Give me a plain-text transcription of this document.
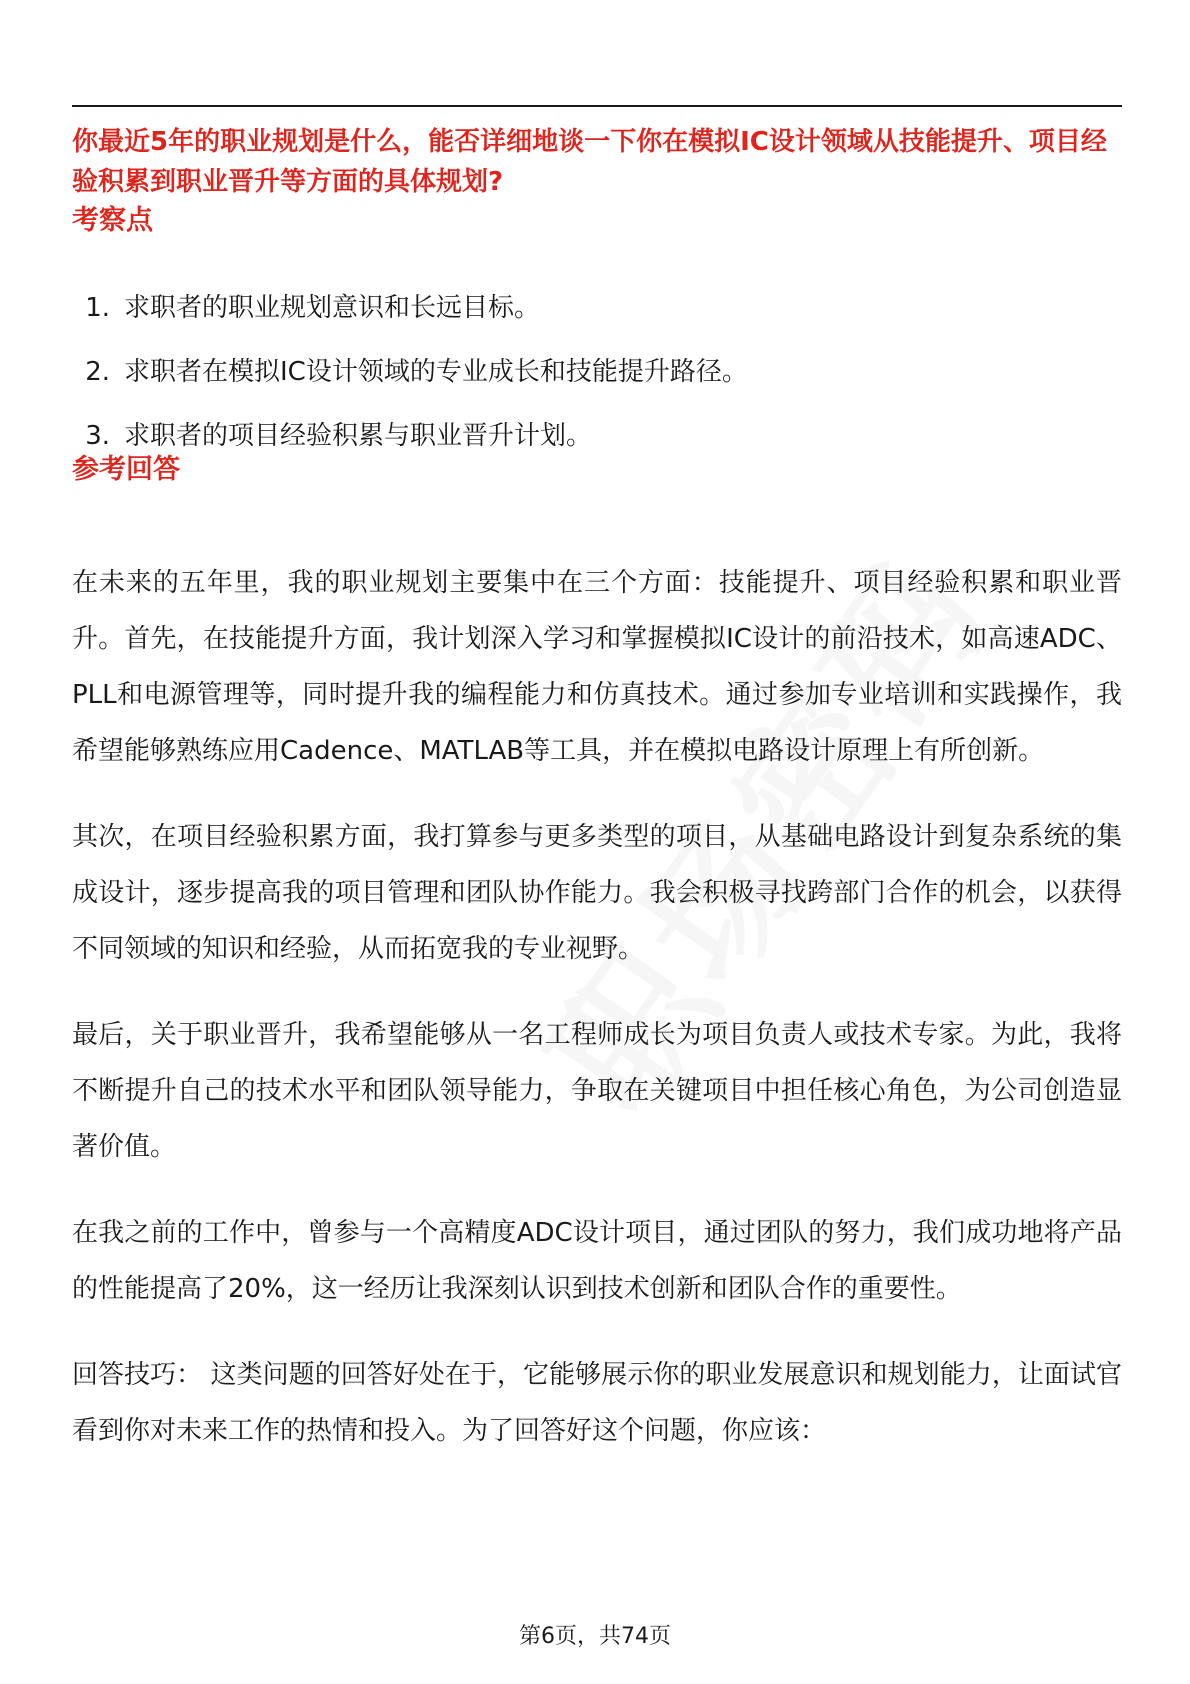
你最近5年的职业规划是什么，能否详细地谈一下你在模拟IC设计领域从技能提升、项目经验积累到职业晋升等方面的具体规划?
考察点
1. 求职者的职业规划意识和长远目标。
2. 求职者在模拟IC设计领域的专业成长和技能提升路径。
3. 求职者的项目经验积累与职业晋升计划。
参考回答

在未来的五年里，我的职业规划主要集中在三个方面：技能提升、项目经验积累和职业晋升。首先，在技能提升方面，我计划深入学习和掌握模拟IC设计的前沿技术，如高速ADC、PLL和电源管理等，同时提升我的编程能力和仿真技术。通过参加专业培训和实践操作，我希望能够熟练应用Cadence、MATLAB等工具，并在模拟电路设计原理上有所创新。

其次，在项目经验积累方面，我打算参与更多类型的项目，从基础电路设计到复杂系统的集成设计，逐步提高我的项目管理和团队协作能力。我会积极寻找跨部门合作的机会，以获得不同领域的知识和经验，从而拓宽我的专业视野。

最后，关于职业晋升，我希望能够从一名工程师成长为项目负责人或技术专家。为此，我将不断提升自己的技术水平和团队领导能力，争取在关键项目中担任核心角色，为公司创造显著价值。

在我之前的工作中，曾参与一个高精度ADC设计项目，通过团队的努力，我们成功地将产品的性能提高了20%，这一经历让我深刻认识到技术创新和团队合作的重要性。

回答技巧： 这类问题的回答好处在于，它能够展示你的职业发展意识和规划能力，让面试官看到你对未来工作的热情和投入。为了回答好这个问题，你应该：

第6页，共74页
